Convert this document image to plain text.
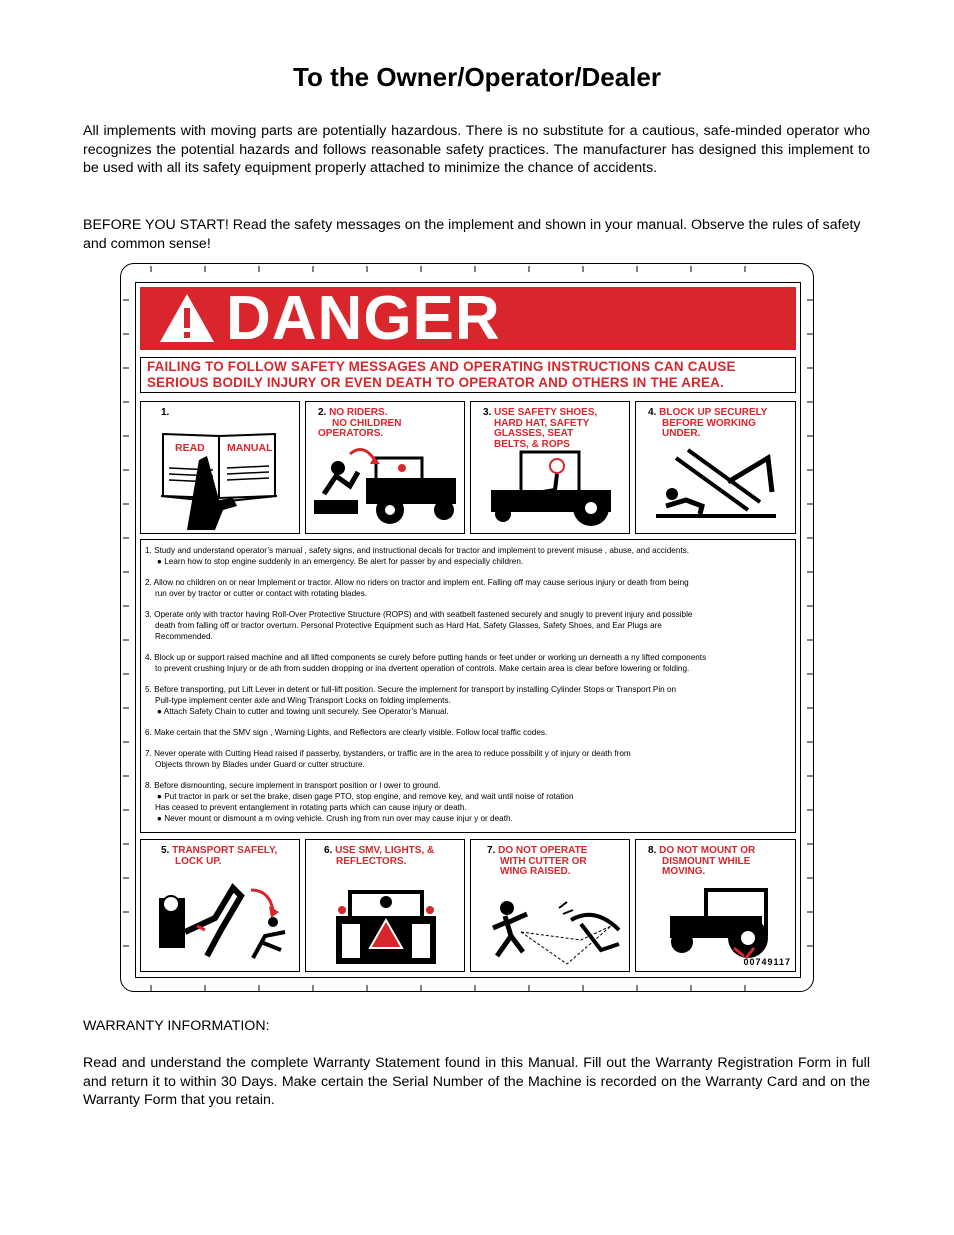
To the Owner/Operator/Dealer
All implements with moving parts are potentially hazardous. There is no substitute for a cautious, safe-minded operator who recognizes the potential hazards and follows reasonable safety practices. The manufacturer has designed this implement to be used with all its safety equipment properly attached to minimize the chance of accidents.
BEFORE YOU START! Read the safety messages on the implement and shown in your manual. Observe the rules of safety and common sense!
DANGER
FAILING TO FOLLOW SAFETY MESSAGES AND OPERATING INSTRUCTIONS CAN CAUSE
SERIOUS BODILY INJURY OR EVEN DEATH TO OPERATOR AND OTHERS IN THE AREA.
1.
READ MANUAL
2. NO RIDERS.
NO CHILDREN OPERATORS.
3. USE SAFETY SHOES,
HARD HAT, SAFETY
GLASSES, SEAT
BELTS, & ROPS
4. BLOCK UP SECURELY
BEFORE WORKING
UNDER.
1. Study and understand operator’s manual , safety signs, and instructional decals for tractor and implement to prevent misuse , abuse, and accidents.
● Learn how to stop engine suddenly in an emergency. Be alert for passer by and especially children.
2. Allow no children on or near Implement or tractor. Allow no riders on tractor and implem ent. Falling off may cause serious injury or death from being
run over by tractor or cutter or contact with rotating blades.
3. Operate only with tractor having Roll-Over Protective Structure (ROPS) and with seatbelt fastened securely and snugly to prevent injury and possible
death from falling off or tractor overturn. Personal Protective Equipment such as Hard Hat, Safety Glasses, Safety Shoes, and Ear Plugs are
Recommended.
4. Block up or support raised machine and all lifted components se curely before putting hands or feet under or working un derneath a ny lifted components
to prevent crushing Injury or de ath from sudden dropping or ina dvertent operation of controls. Make certain area is clear before lowering or folding.
5. Before transporting, put Lift Lever in detent or full-lift position. Secure the implement for transport by installing Cylinder Stops or Transport Pin on
Pull-type implement center axle and Wing Transport Locks on folding implements.
● Attach Safety Chain to cutter and towing unit securely. See Operator’s Manual.
6. Make certain that the SMV sign , Warning Lights, and Reflectors are clearly visible. Follow local traffic codes.
7. Never operate with Cutting Head raised if passerby, bystanders, or traffic are in the area to reduce possibilit y of injury or death from
Objects thrown by Blades under Guard or cutter structure.
8. Before dismounting, secure implement in transport position or l ower to ground.
● Put tractor in park or set the brake, disen gage PTO, stop engine, and remove key, and wait until noise of rotation
Has ceased to prevent entanglement in rotating parts which can cause injury or death.
● Never mount or dismount a m oving vehicle. Crush ing from run over may cause injur y or death.
5. TRANSPORT SAFELY,
LOCK UP.
6. USE SMV, LIGHTS, &
REFLECTORS.
7. DO NOT OPERATE
WITH CUTTER OR
WING RAISED.
8. DO NOT MOUNT OR
DISMOUNT WHILE
MOVING.
00749117
WARRANTY INFORMATION:
Read and understand the complete Warranty Statement found in this Manual. Fill out the Warranty Registration Form in full and return it to within 30 Days. Make certain the Serial Number of the Machine is recorded on the Warranty Card and on the Warranty Form that you retain.
